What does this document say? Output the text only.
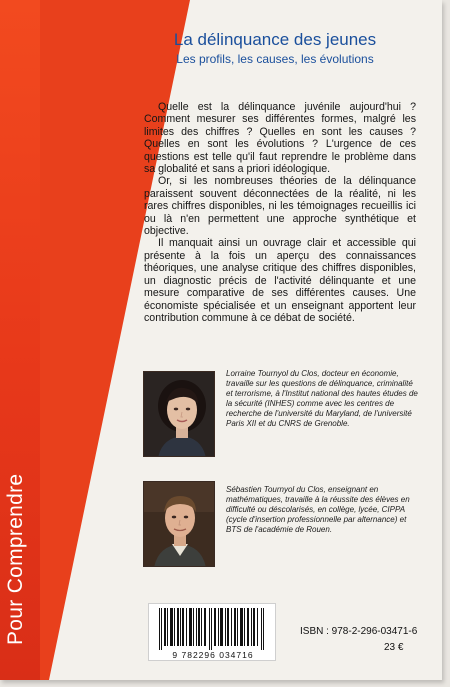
Pour Comprendre
La délinquance des jeunes
Les profils, les causes, les évolutions

Quelle est la délinquance juvénile aujourd'hui ? Comment mesurer ses différentes formes, malgré les limites des chiffres ? Quelles en sont les causes ? Quelles en sont les évolutions ? L'urgence de ces questions est telle qu'il faut reprendre le problème dans sa globalité et sans a priori idéologique.

Or, si les nombreuses théories de la délinquance paraissent souvent déconnectées de la réalité, ni les rares chiffres disponibles, ni les témoignages recueillis ici ou là n'en permettent une approche synthétique et objective.

Il manquait ainsi un ouvrage clair et accessible qui présente à la fois un aperçu des connaissances théoriques, une analyse critique des chiffres disponibles, un diagnostic précis de l'activité délinquante et une mesure comparative de ses différentes causes. Une économiste spécialisée et un enseignant apportent leur contribution commune à ce débat de société.

Lorraine Tournyol du Clos, docteur en économie, travaille sur les questions de délinquance, criminalité et terrorisme, à l'Institut national des hautes études de la sécurité (INHES) comme avec les centres de recherche de l'université du Maryland, de l'université Paris XII et du CNRS de Grenoble.
Sébastien Tournyol du Clos, enseignant en mathématiques, travaille à la réussite des élèves en difficulté ou déscolarisés, en collège, lycée, CIPPA (cycle d'insertion professionnelle par alternance) et BTS de l'académie de Rouen.
9 782296 034716
ISBN : 978-2-296-03471-6
23 €
